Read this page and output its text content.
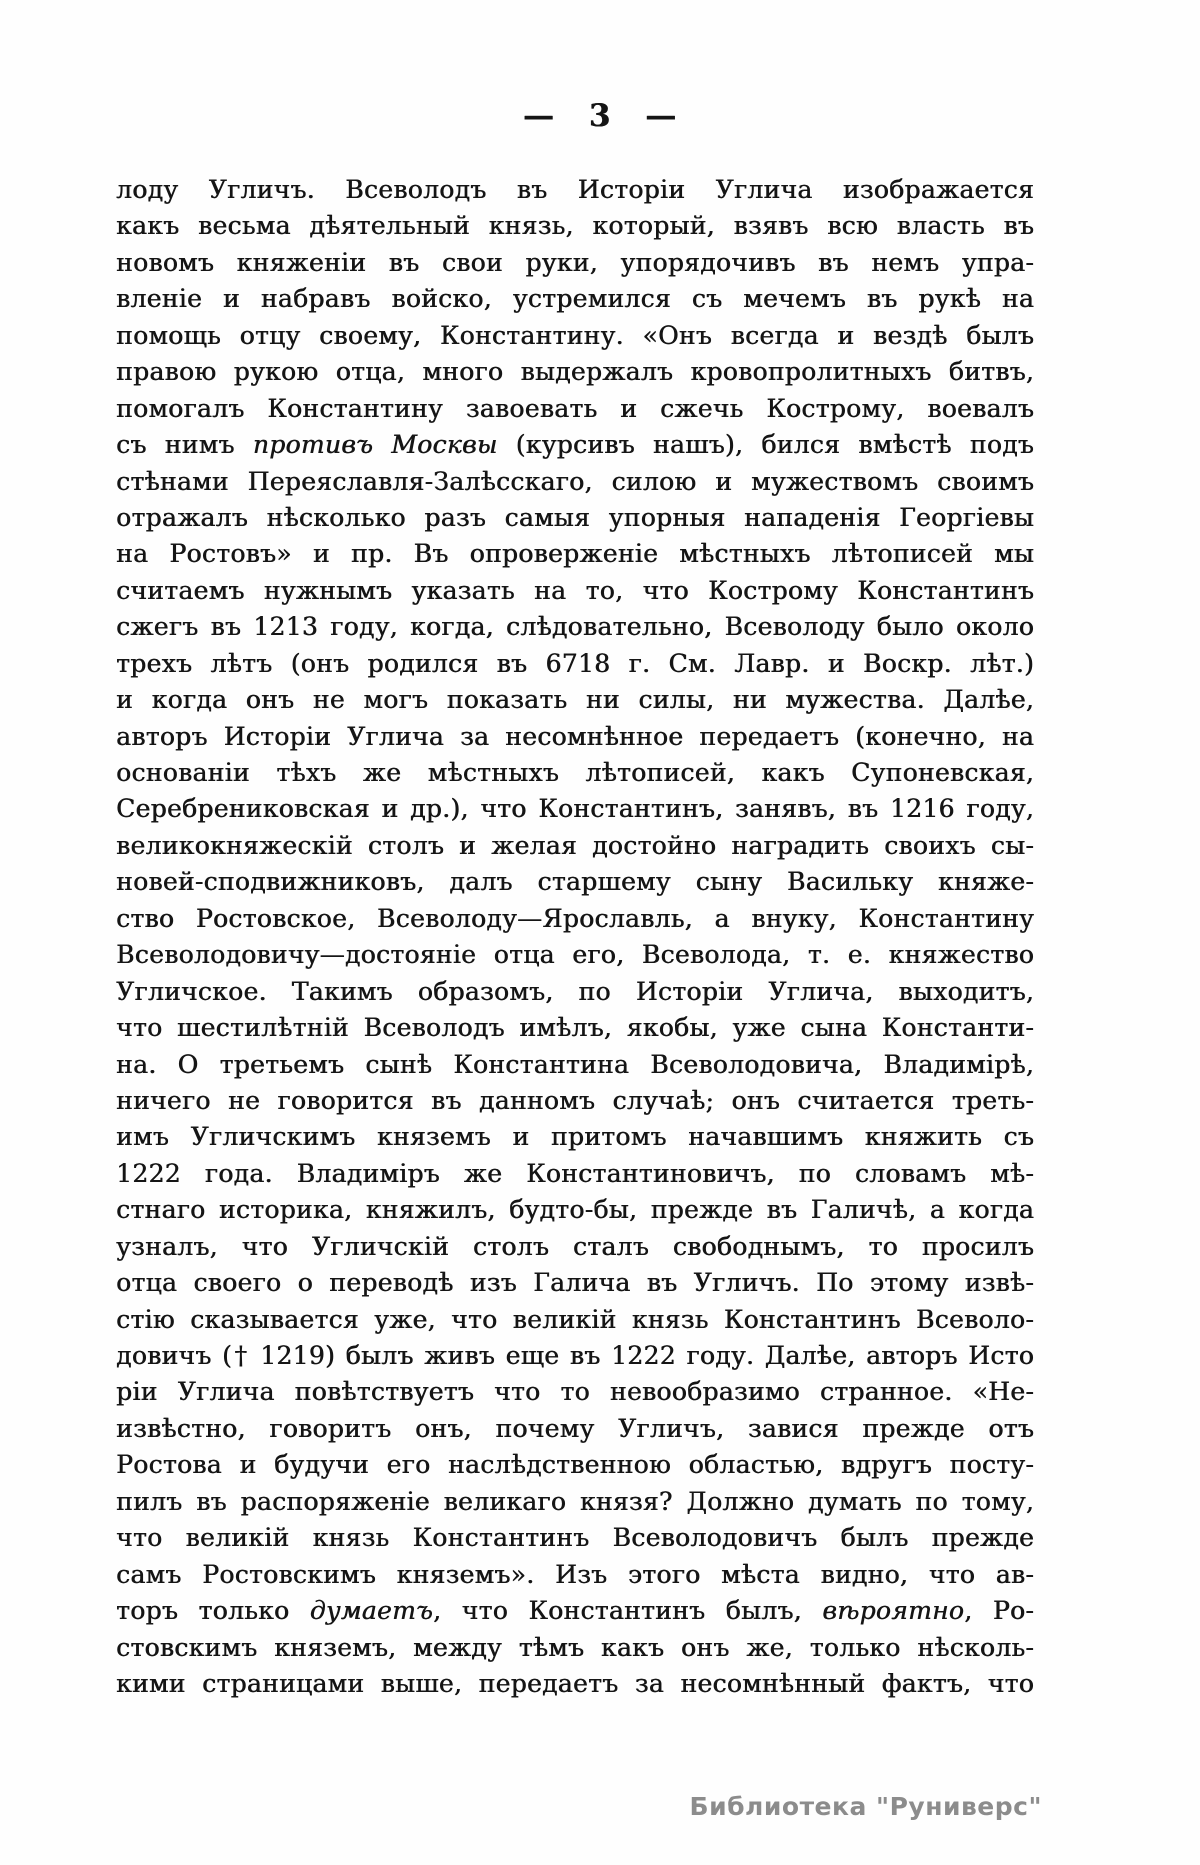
— 3 —
лоду Угличъ. Всеволодъ въ Исторіи Углича изображается
какъ весьма дѣятельный князь, который, взявъ всю власть въ
новомъ княженіи въ свои руки, упорядочивъ въ немъ упра-
вленіе и набравъ войско, устремился съ мечемъ въ рукѣ на
помощь отцу своему, Константину. «Онъ всегда и вездѣ былъ
правою рукою отца, много выдержалъ кровопролитныхъ битвъ,
помогалъ Константину завоевать и сжечь Кострому, воевалъ
съ нимъ противъ Москвы (курсивъ нашъ), бился вмѣстѣ подъ
стѣнами Переяславля-Залѣсскаго, силою и мужествомъ своимъ
отражалъ нѣсколько разъ самыя упорныя нападенія Георгіевы
на Ростовъ» и пр. Въ опроверженіе мѣстныхъ лѣтописей мы
считаемъ нужнымъ указать на то, что Кострому Константинъ
сжегъ въ 1213 году, когда, слѣдовательно, Всеволоду было около
трехъ лѣтъ (онъ родился въ 6718 г. См. Лавр. и Воскр. лѣт.)
и когда онъ не могъ показать ни силы, ни мужества. Далѣе,
авторъ Исторіи Углича за несомнѣнное передаетъ (конечно, на
основаніи тѣхъ же мѣстныхъ лѣтописей, какъ Супоневская,
Серебрениковская и др.), что Константинъ, занявъ, въ 1216 году,
великокняжескій столъ и желая достойно наградить своихъ сы-
новей-сподвижниковъ, далъ старшему сыну Васильку княже-
ство Ростовское, Всеволоду—Ярославль, а внуку, Константину
Всеволодовичу—достояніе отца его, Всеволода, т. е. княжество
Угличское. Такимъ образомъ, по Исторіи Углича, выходитъ,
что шестилѣтній Всеволодъ имѣлъ, якобы, уже сына Константи-
на. О третьемъ сынѣ Константина Всеволодовича, Владимірѣ,
ничего не говорится въ данномъ случаѣ; онъ считается треть-
имъ Угличскимъ княземъ и притомъ начавшимъ княжить съ
1222 года. Владиміръ же Константиновичъ, по словамъ мѣ-
стнаго историка, княжилъ, будто-бы, прежде въ Галичѣ, а когда
узналъ, что Угличскій столъ сталъ свободнымъ, то просилъ
отца своего о переводѣ изъ Галича въ Угличъ. По этому извѣ-
стію сказывается уже, что великій князь Константинъ Всеволо-
довичъ († 1219) былъ живъ еще въ 1222 году. Далѣе, авторъ Исто
ріи Углича повѣтствуетъ что то невообразимо странное. «Не-
извѣстно, говоритъ онъ, почему Угличъ, завися прежде отъ
Ростова и будучи его наслѣдственною областью, вдругъ посту-
пилъ въ распоряженіе великаго князя? Должно думать по тому,
что великій князь Константинъ Всеволодовичъ былъ прежде
самъ Ростовскимъ княземъ». Изъ этого мѣста видно, что ав-
торъ только думаетъ, что Константинъ былъ, вѣроятно, Ро-
стовскимъ княземъ, между тѣмъ какъ онъ же, только нѣсколь-
кими страницами выше, передаетъ за несомнѣнный фактъ, что
Библиотека "Руниверс"
